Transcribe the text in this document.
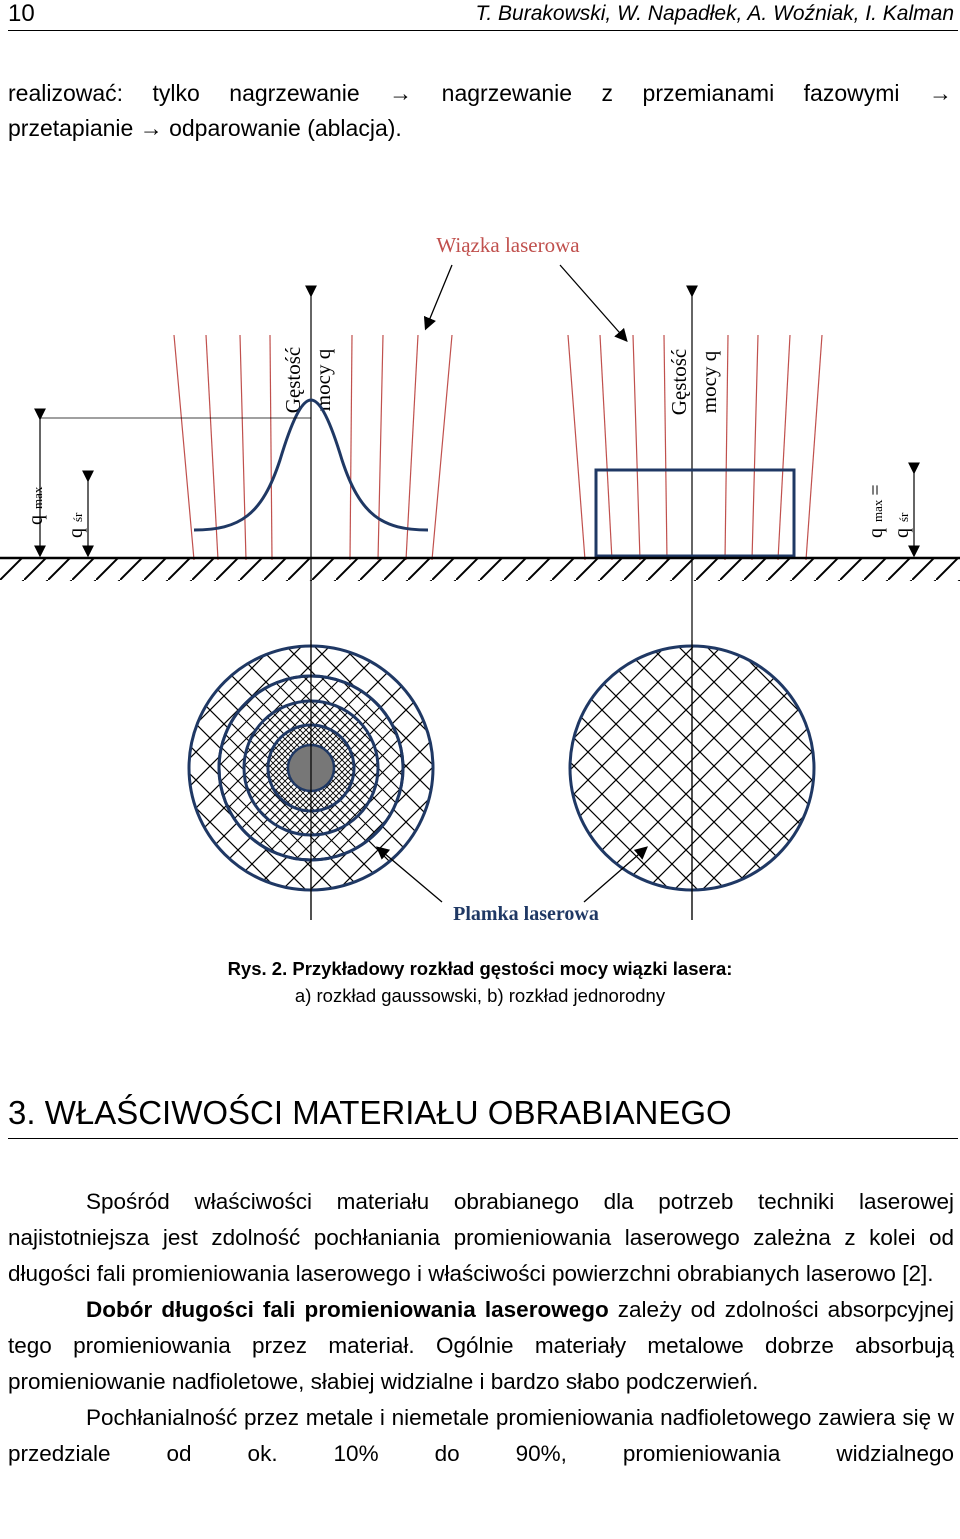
10	T. Burakowski, W. Napadłek, A. Woźniak, I. Kalman
realizować: tylko nagrzewanie → nagrzewanie z przemianami fazowymi →
przetapianie → odparowanie (ablacja).
Wiązka laserowa
Gęstość mocy q	Gęstość mocy q
qmax
qśr
qmax=
qśr
Plamka laserowa
Rys. 2. Przykładowy rozkład gęstości mocy wiązki lasera:
a) rozkład gaussowski, b) rozkład jednorodny
3. WŁAŚCIWOŚCI MATERIAŁU OBRABIANEGO

Spośród właściwości materiału obrabianego dla potrzeb techniki laserowej najistotniejsza jest zdolność pochłaniania promieniowania laserowego zależna z kolei od długości fali promieniowania laserowego i właściwości powierzchni obrabianych laserowo [2].

Dobór długości fali promieniowania laserowego zależy od zdolności absorpcyjnej tego promieniowania przez materiał. Ogólnie materiały metalowe dobrze absorbują promieniowanie nadfioletowe, słabiej widzialne i bardzo słabo podczerwień.

Pochłanialność przez metale i niemetale promieniowania nadfioletowego zawiera się w przedziale od ok. 10% do 90%, promieniowania widzialnego
